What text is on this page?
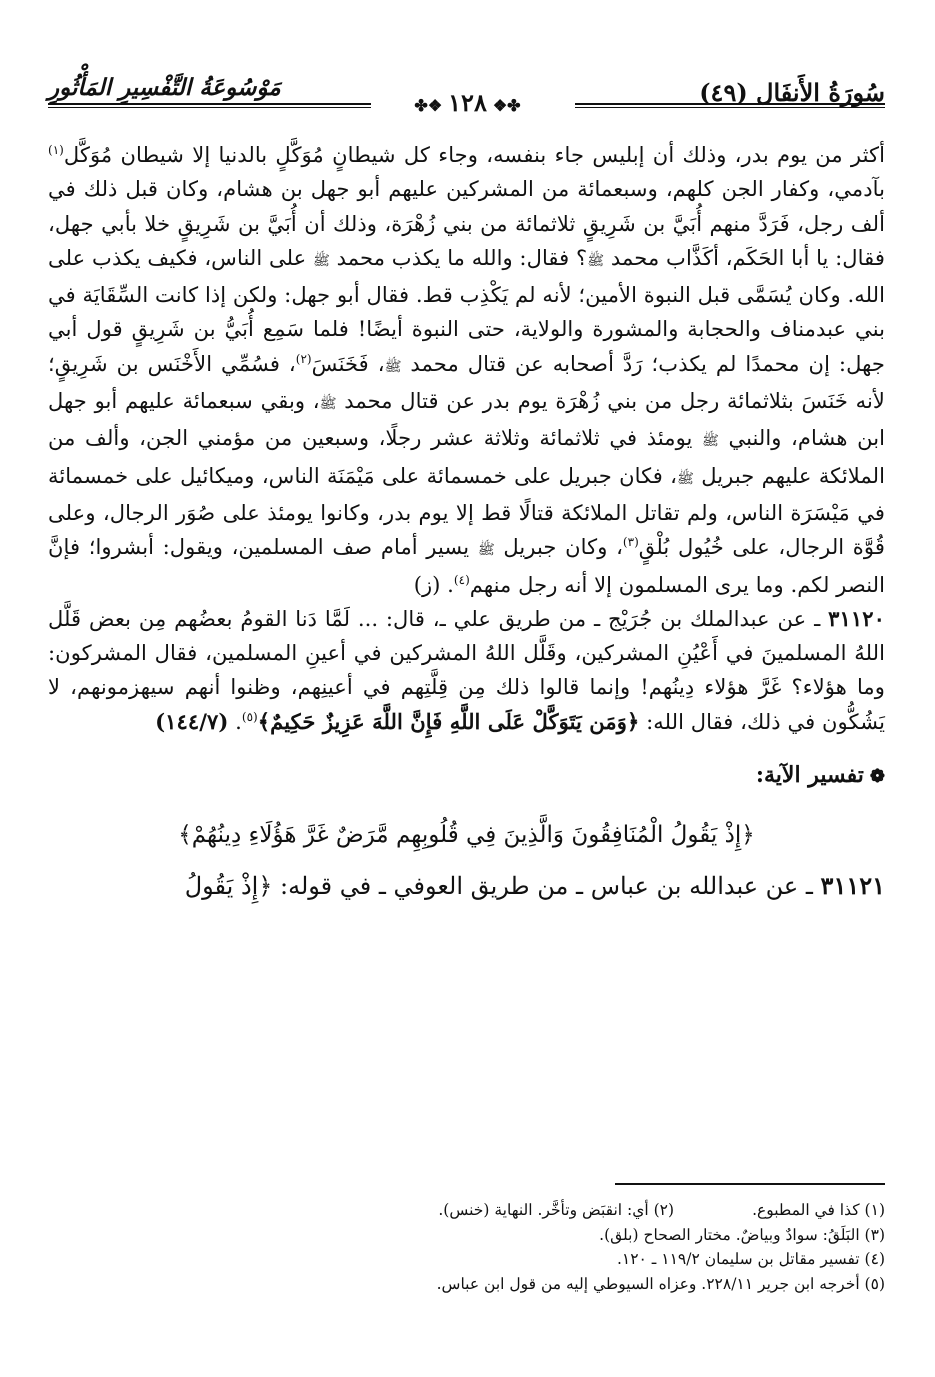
سُورَةُ الأَنفَال (٤٩)
مَوْسُوعَةُ التَّفْسِيرِ المَأْثُورِ
✤❖١٢٨❖✤

أكثر من يوم بدر، وذلك أن إبليس جاء بنفسه، وجاء كل شيطانٍ مُوَكَّلٍ بالدنيا إلا شيطان مُوَكَّل$^{(١)}$ بآدمي، وكفار الجن كلهم، وسبعمائة من المشركين عليهم أبو جهل بن هشام، وكان قبل ذلك في ألف رجل، فَرَدَّ منهم أُبَيَّ بن شَرِيقٍ ثلاثمائة من بني زُهْرَة، وذلك أن أُبَيَّ بن شَرِيقٍ خلا بأبي جهل، فقال: يا أبا الحَكَم، أكَذَّاب محمد ﷺ؟ فقال: والله ما يكذب محمد ﷺ على الناس، فكيف يكذب على الله. وكان يُسَمَّى قبل النبوة الأمين؛ لأنه لم يَكْذِب قط. فقال أبو جهل: ولكن إذا كانت السِّقَايَة في بني عبدمناف والحجابة والمشورة والولاية، حتى النبوة أيضًا! فلما سَمِع أُبَيُّ بن شَرِيقٍ قول أبي جهل: إن محمدًا لم يكذب؛ رَدَّ أصحابه عن قتال محمد ﷺ، فَخَنَسَ$^{(٢)}$، فسُمِّي الأَخْنَس بن شَرِيقٍ؛ لأنه خَنَسَ بثلاثمائة رجل من بني زُهْرَة يوم بدر عن قتال محمد ﷺ، وبقي سبعمائة عليهم أبو جهل ابن هشام، والنبي ﷺ يومئذ في ثلاثمائة وثلاثة عشر رجلًا، وسبعين من مؤمني الجن، وألف من الملائكة عليهم جبريل ﷺ، فكان جبريل على خمسمائة على مَيْمَنَة الناس، وميكائيل على خمسمائة في مَيْسَرَة الناس، ولم تقاتل الملائكة قتالًا قط إلا يوم بدر، وكانوا يومئذ على صُوَر الرجال، وعلى قُوَّة الرجال، على خُيُول بُلْقٍ$^{(٣)}$، وكان جبريل ﷺ يسير أمام صف المسلمين، ويقول: أبشروا؛ فإنَّ النصر لكم. وما يرى المسلمون إلا أنه رجل منهم$^{(٤)}$. (ز)

٣١١٢٠ ـ عن عبدالملك بن جُرَيْج ـ من طريق علي ـ، قال: ... لَمَّا دَنا القومُ بعضُهم مِن بعض قَلَّل اللهُ المسلمينَ في أَعْيُنِ المشركين، وقَلَّل اللهُ المشركين في أعينِ المسلمين، فقال المشركون: وما هؤلاء؟ غَرَّ هؤلاء دِينُهم! وإنما قالوا ذلك مِن قِلَّتِهم في أعينِهم، وظنوا أنهم سيهزمونهم، لا يَشُكُّون في ذلك، فقال الله: ﴿وَمَن يَتَوَكَّلْ عَلَى اللَّهِ فَإِنَّ اللَّهَ عَزِيزٌ حَكِيمٌ﴾$^{(٥)}$. (١٤٤/٧)

❁تفسير الآية:
﴿إِذْ يَقُولُ الْمُنَافِقُونَ وَالَّذِينَ فِي قُلُوبِهِم مَّرَضٌ غَرَّ هَؤُلَاءِ دِينُهُمْ﴾

٣١١٢١ ـ عن عبدالله بن عباس ـ من طريق العوفي ـ في قوله: ﴿إِذْ يَقُولُ

(١) كذا في المطبوع.(٢) أي: انقبَض وتأخَّر. النهاية (خنس).
(٣) البَلَقُ: سوادٌ وبياضٌ. مختار الصحاح (بلق).
(٤) تفسير مقاتل بن سليمان ١١٩/٢ ـ ١٢٠.
(٥) أخرجه ابن جرير ٢٢٨/١١. وعزاه السيوطي إليه من قول ابن عباس.
